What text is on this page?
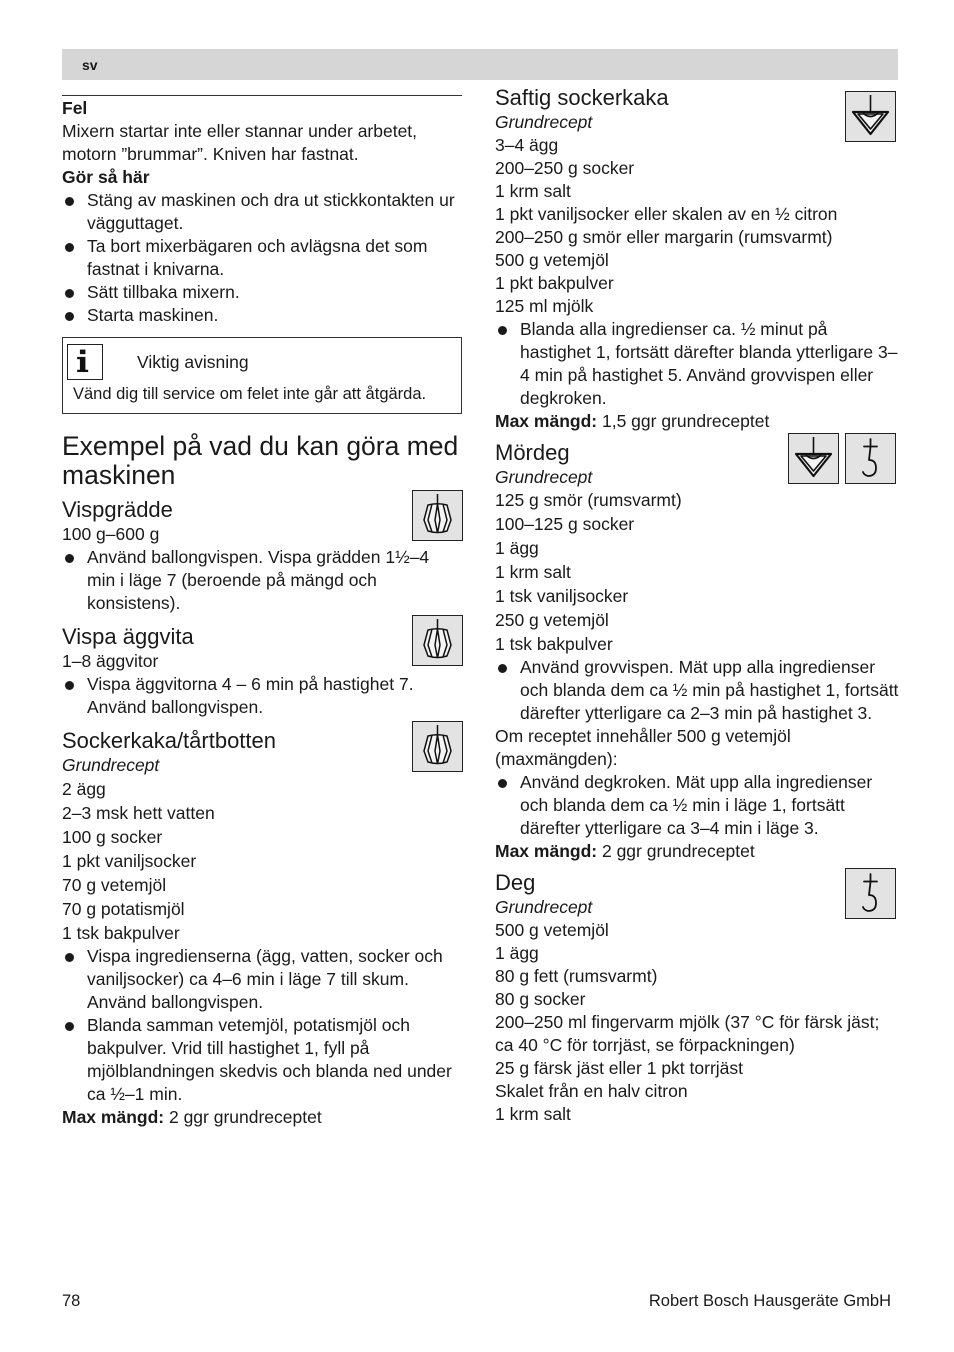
sv

Fel

Mixern startar inte eller stannar under arbetet, motorn ”brummar”. Kniven har fastnat.

Gör så här

Stäng av maskinen och dra ut stickkontakten ur vägguttaget.
Ta bort mixerbägaren och avlägsna det som fastnat i knivarna.
Sätt tillbaka mixern.
Starta maskinen.
Viktig avisning

Vänd dig till service om felet inte går att åtgärda.

Exempel på vad du kan göra med maskinen
Vispgrädde

100 g–600 g

Använd ballongvispen. Vispa grädden 1½–4 min i läge 7 (beroende på mängd och konsistens).
Vispa äggvita

1–8 äggvitor

Vispa äggvitorna 4 – 6 min på hastighet 7. Använd ballongvispen.
Sockerkaka/tårtbotten

Grundrecept

2 ägg

2–3 msk hett vatten

100 g socker

1 pkt vaniljsocker

70 g vetemjöl

70 g potatismjöl

1 tsk bakpulver

Vispa ingredienserna (ägg, vatten, socker och vaniljsocker) ca 4–6 min i läge 7 till skum. Använd ballongvispen.
Blanda samman vetemjöl, potatismjöl och bakpulver. Vrid till hastighet 1, fyll på mjölblandningen skedvis och blanda ned under ca ½–1 min.

Max mängd: 2 ggr grundreceptet

Saftig sockerkaka

Grundrecept

3–4 ägg

200–250 g socker

1 krm salt

1 pkt vaniljsocker eller skalen av en ½ citron

200–250 g smör eller margarin (rumsvarmt)

500 g vetemjöl

1 pkt bakpulver

125 ml mjölk

Blanda alla ingredienser ca. ½ minut på hastighet 1, fortsätt därefter blanda ytterligare 3–4 min på hastighet 5. Använd grovvispen eller degkroken.

Max mängd: 1,5 ggr grundreceptet

Mördeg

Grundrecept

125 g smör (rumsvarmt)

100–125 g socker

1 ägg

1 krm salt

1 tsk vaniljsocker

250 g vetemjöl

1 tsk bakpulver

Använd grovvispen. Mät upp alla ingredienser och blanda dem ca ½ min på hastighet 1, fortsätt därefter ytterligare ca 2–3 min på hastighet 3.

Om receptet innehåller 500 g vetemjöl (maxmängden):

Använd degkroken. Mät upp alla ingredienser och blanda dem ca ½ min i läge 1, fortsätt därefter ytterligare ca 3–4 min i läge 3.

Max mängd: 2 ggr grundreceptet

Deg

Grundrecept

500 g vetemjöl

1 ägg

80 g fett (rumsvarmt)

80 g socker

200–250 ml fingervarm mjölk (37 °C för färsk jäst; ca 40 °C för torrjäst, se förpackningen)

25 g färsk jäst eller 1 pkt torrjäst

Skalet från en halv citron

1 krm salt

78	Robert Bosch Hausgeräte GmbH
